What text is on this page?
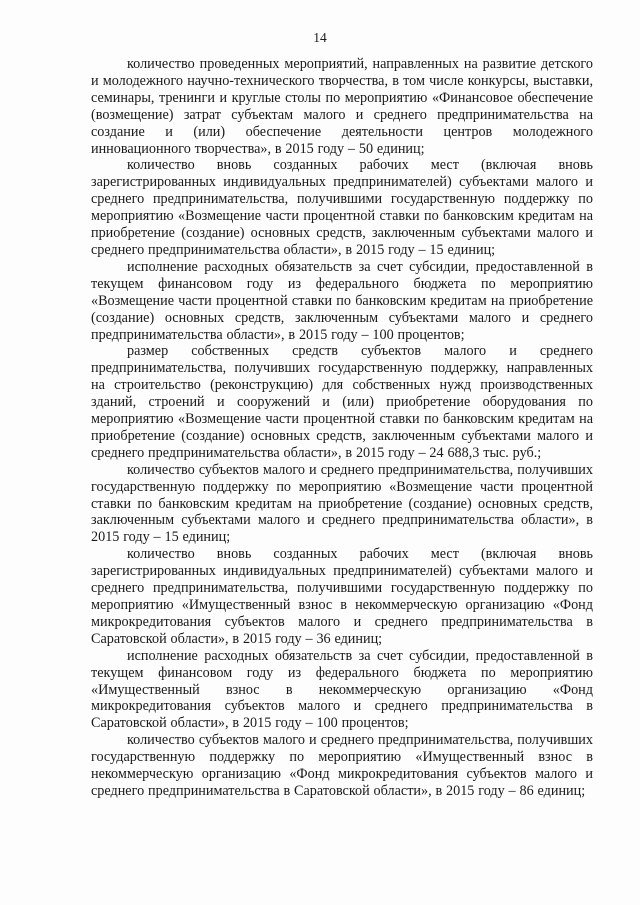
14

количество проведенных мероприятий, направленных на развитие детского и молодежного научно-технического творчества, в том числе конкурсы, выставки, семинары, тренинги и круглые столы по мероприятию «Финансовое обеспечение (возмещение) затрат субъектам малого и среднего предпринимательства на создание и (или) обеспечение деятельности центров молодежного инновационного творчества», в 2015 году – 50 единиц;

количество вновь созданных рабочих мест (включая вновь зарегистрированных индивидуальных предпринимателей) субъектами малого и среднего предпринимательства, получившими государственную поддержку по мероприятию «Возмещение части процентной ставки по банковским кредитам на приобретение (создание) основных средств, заключенным субъектами малого и среднего предпринимательства области», в 2015 году – 15 единиц;

исполнение расходных обязательств за счет субсидии, предоставленной в текущем финансовом году из федерального бюджета по мероприятию «Возмещение части процентной ставки по банковским кредитам на приобретение (создание) основных средств, заключенным субъектами малого и среднего предпринимательства области», в 2015 году – 100 процентов;

размер собственных средств субъектов малого и среднего предпринимательства, получивших государственную поддержку, направленных на строительство (реконструкцию) для собственных нужд производственных зданий, строений и сооружений и (или) приобретение оборудования по мероприятию «Возмещение части процентной ставки по банковским кредитам на приобретение (создание) основных средств, заключенным субъектами малого и среднего предпринимательства области», в 2015 году – 24 688,3 тыс. руб.;

количество субъектов малого и среднего предпринимательства, получивших государственную поддержку по мероприятию «Возмещение части процентной ставки по банковским кредитам на приобретение (создание) основных средств, заключенным субъектами малого и среднего предпринимательства области», в 2015 году – 15 единиц;

количество вновь созданных рабочих мест (включая вновь зарегистрированных индивидуальных предпринимателей) субъектами малого и среднего предпринимательства, получившими государственную поддержку по мероприятию «Имущественный взнос в некоммерческую организацию «Фонд микрокредитования субъектов малого и среднего предпринимательства в Саратовской области», в 2015 году – 36 единиц;

исполнение расходных обязательств за счет субсидии, предоставленной в текущем финансовом году из федерального бюджета по мероприятию «Имущественный взнос в некоммерческую организацию «Фонд микрокредитования субъектов малого и среднего предпринимательства в Саратовской области», в 2015 году – 100 процентов;

количество субъектов малого и среднего предпринимательства, получивших государственную поддержку по мероприятию «Имущественный взнос в некоммерческую организацию «Фонд микрокредитования субъектов малого и среднего предпринимательства в Саратовской области», в 2015 году – 86 единиц;
